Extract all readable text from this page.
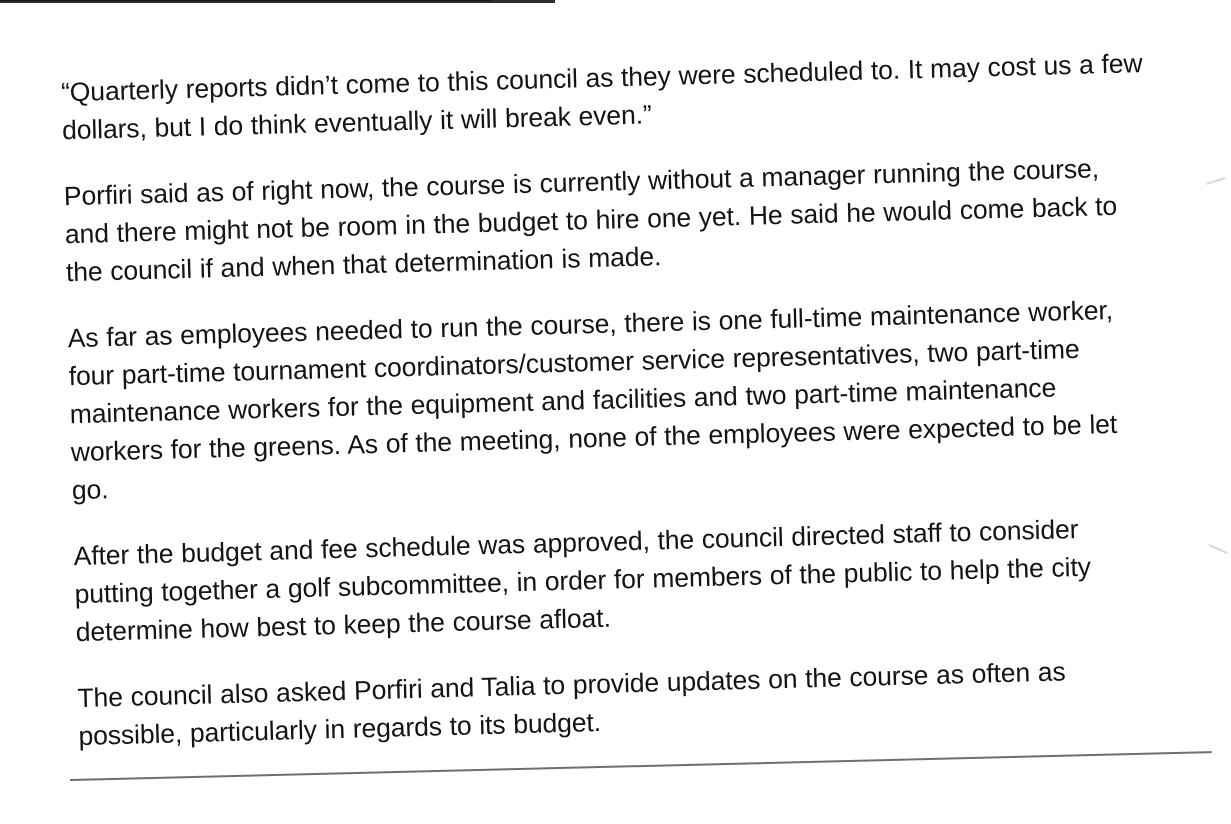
“Quarterly reports didn’t come to this council as they were scheduled to. It may cost us a few dollars, but I do think eventually it will break even.”

Porfiri said as of right now, the course is currently without a manager running the course, and there might not be room in the budget to hire one yet. He said he would come back to the council if and when that determination is made.

As far as employees needed to run the course, there is one full-time maintenance worker, four part-time tournament coordinators/customer service representatives, two part-time maintenance workers for the equipment and facilities and two part-time maintenance workers for the greens. As of the meeting, none of the employees were expected to be let go.

After the budget and fee schedule was approved, the council directed staff to consider putting together a golf subcommittee, in order for members of the public to help the city determine how best to keep the course afloat.

The council also asked Porfiri and Talia to provide updates on the course as often as possible, particularly in regards to its budget.
